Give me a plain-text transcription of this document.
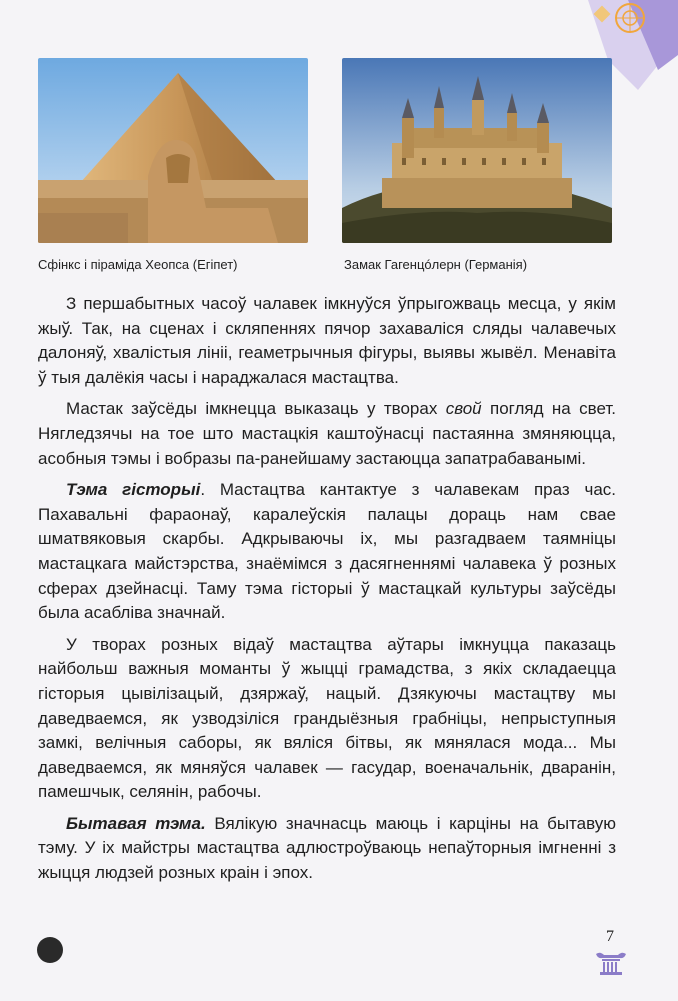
Сфінкс і піраміда Хеопса (Егіпет)	Замак Гагенцóлерн (Германія)

З першабытных часоў чалавек імкнуўся ўпрыгожваць месца, у якім жыў. Так, на сценах і скляпеннях пячор захаваліся сляды чалавечых далоняў, хвалістыя лініі, геаметрычныя фігуры, выявы жывёл. Менавіта ў тыя далёкія часы і нараджалася мастацтва.

Мастак заўсёды імкнецца выказаць у творах свой погляд на свет. Нягледзячы на тое што мастацкія каштоўнасці пастаянна змяняюцца, асобныя тэмы і вобразы па-ранейшаму застаюцца запатрабаванымі.

Тэма гісторыі. Мастацтва кантактуе з чалавекам праз час. Пахавальні фараонаў, каралеўскія палацы дораць нам свае шматвяковыя скарбы. Адкрываючы іх, мы разгадваем таямніцы мастацкага майстэрства, знаёмімся з дасягненнямі чалавека ў розных сферах дзейнасці. Таму тэма гісторыі ў мастацкай культуры заўсёды была асабліва значнай.

У творах розных відаў мастацтва аўтары імкнуцца паказаць найбольш важныя моманты ў жыцці грамадства, з якіх складаецца гісторыя цывілізацый, дзяржаў, нацый. Дзякуючы мастацтву мы даведваемся, як узводзіліся грандыёзныя грабніцы, непрыступныя замкі, велічныя саборы, як вяліся бітвы, як мянялася мода... Мы даведваемся, як мяняўся чалавек — гасудар, военачальнік, дваранін, памешчык, селянін, рабочы.

Бытавая тэма. Вялікую значнасць маюць і карціны на бытавую тэму. У іх майстры мастацтва адлюстроўваюць непаўторныя імгненні з жыцця людзей розных краін і эпох.

7
